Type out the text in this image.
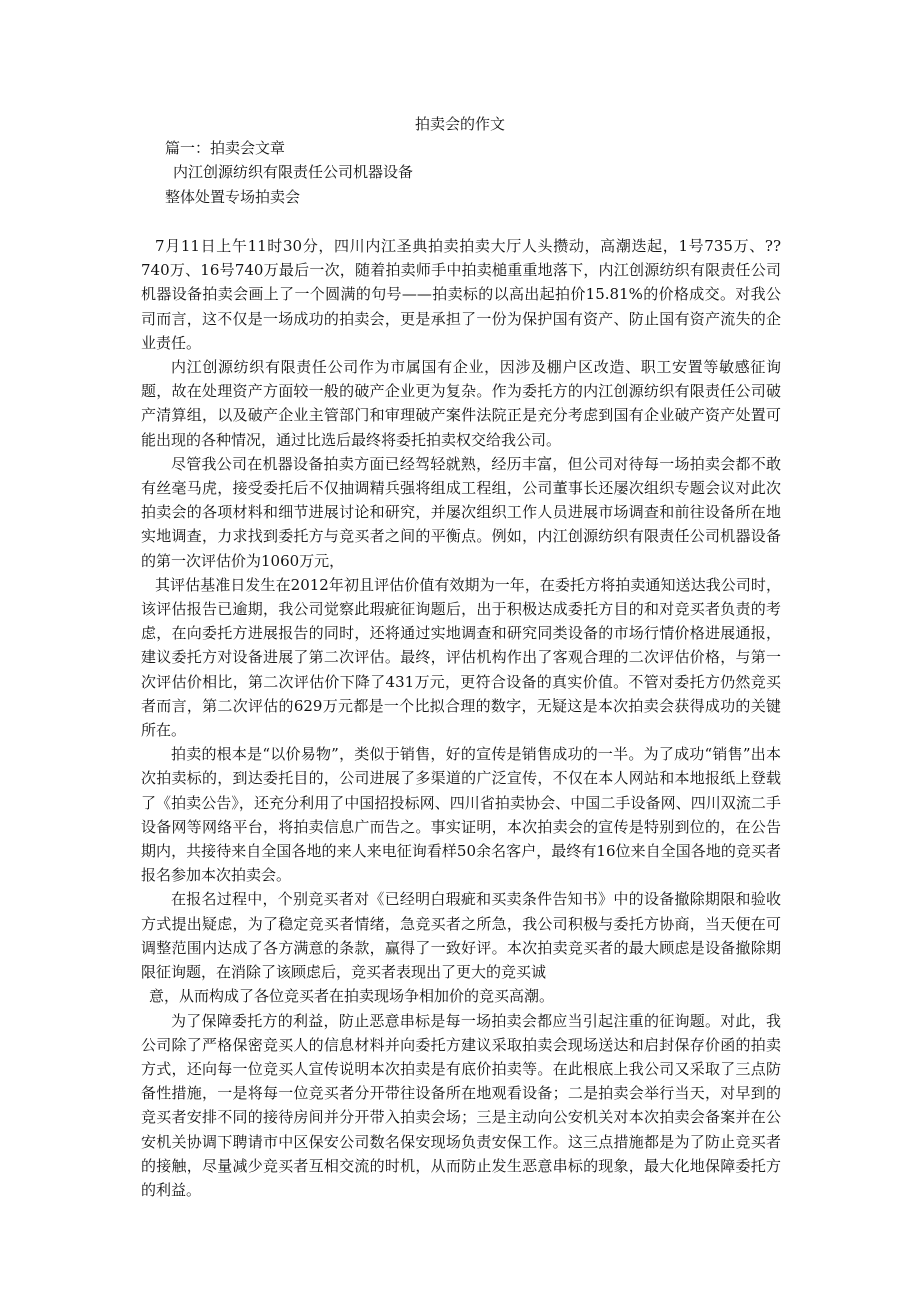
拍卖会的作文
篇一：拍卖会文章
内江创源纺织有限责任公司机器设备
整体处置专场拍卖会

7月11日上午11时30分，四川内江圣典拍卖拍卖大厅人头攒动，高潮迭起，1号735万、??740万、16号740万最后一次，随着拍卖师手中拍卖槌重重地落下，内江创源纺织有限责任公司机器设备拍卖会画上了一个圆满的句号——拍卖标的以高出起拍价15.81%的价格成交。对我公司而言，这不仅是一场成功的拍卖会，更是承担了一份为保护国有资产、防止国有资产流失的企业责任。

内江创源纺织有限责任公司作为市属国有企业，因涉及棚户区改造、职工安置等敏感征询题，故在处理资产方面较一般的破产企业更为复杂。作为委托方的内江创源纺织有限责任公司破产清算组，以及破产企业主管部门和审理破产案件法院正是充分考虑到国有企业破产资产处置可能出现的各种情况，通过比选后最终将委托拍卖权交给我公司。

尽管我公司在机器设备拍卖方面已经驾轻就熟，经历丰富，但公司对待每一场拍卖会都不敢有丝毫马虎，接受委托后不仅抽调精兵强将组成工程组，公司董事长还屡次组织专题会议对此次拍卖会的各项材料和细节进展讨论和研究，并屡次组织工作人员进展市场调查和前往设备所在地实地调查，力求找到委托方与竞买者之间的平衡点。例如，内江创源纺织有限责任公司机器设备的第一次评估价为1060万元，

其评估基准日发生在2012年初且评估价值有效期为一年，在委托方将拍卖通知送达我公司时，该评估报告已逾期，我公司觉察此瑕疵征询题后，出于积极达成委托方目的和对竞买者负责的考虑，在向委托方进展报告的同时，还将通过实地调查和研究同类设备的市场行情价格进展通报，建议委托方对设备进展了第二次评估。最终，评估机构作出了客观合理的二次评估价格，与第一次评估价相比，第二次评估价下降了431万元，更符合设备的真实价值。不管对委托方仍然竞买者而言，第二次评估的629万元都是一个比拟合理的数字，无疑这是本次拍卖会获得成功的关键所在。

拍卖的根本是“以价易物”，类似于销售，好的宣传是销售成功的一半。为了成功“销售”出本次拍卖标的，到达委托目的，公司进展了多渠道的广泛宣传，不仅在本人网站和本地报纸上登载了《拍卖公告》，还充分利用了中国招投标网、四川省拍卖协会、中国二手设备网、四川双流二手设备网等网络平台，将拍卖信息广而告之。事实证明，本次拍卖会的宣传是特别到位的，在公告期内，共接待来自全国各地的来人来电征询看样50余名客户，最终有16位来自全国各地的竞买者报名参加本次拍卖会。

在报名过程中，个别竞买者对《已经明白瑕疵和买卖条件告知书》中的设备撤除期限和验收方式提出疑虑，为了稳定竞买者情绪，急竞买者之所急，我公司积极与委托方协商，当天便在可调整范围内达成了各方满意的条款，赢得了一致好评。本次拍卖竞买者的最大顾虑是设备撤除期限征询题，在消除了该顾虑后，竞买者表现出了更大的竞买诚

意，从而构成了各位竞买者在拍卖现场争相加价的竞买高潮。

为了保障委托方的利益，防止恶意串标是每一场拍卖会都应当引起注重的征询题。对此，我公司除了严格保密竞买人的信息材料并向委托方建议采取拍卖会现场送达和启封保存价函的拍卖方式，还向每一位竞买人宣传说明本次拍卖是有底价拍卖等。在此根底上我公司又采取了三点防备性措施，一是将每一位竞买者分开带往设备所在地观看设备；二是拍卖会举行当天，对早到的竞买者安排不同的接待房间并分开带入拍卖会场；三是主动向公安机关对本次拍卖会备案并在公安机关协调下聘请市中区保安公司数名保安现场负责安保工作。这三点措施都是为了防止竞买者的接触，尽量减少竞买者互相交流的时机，从而防止发生恶意串标的现象，最大化地保障委托方的利益。
